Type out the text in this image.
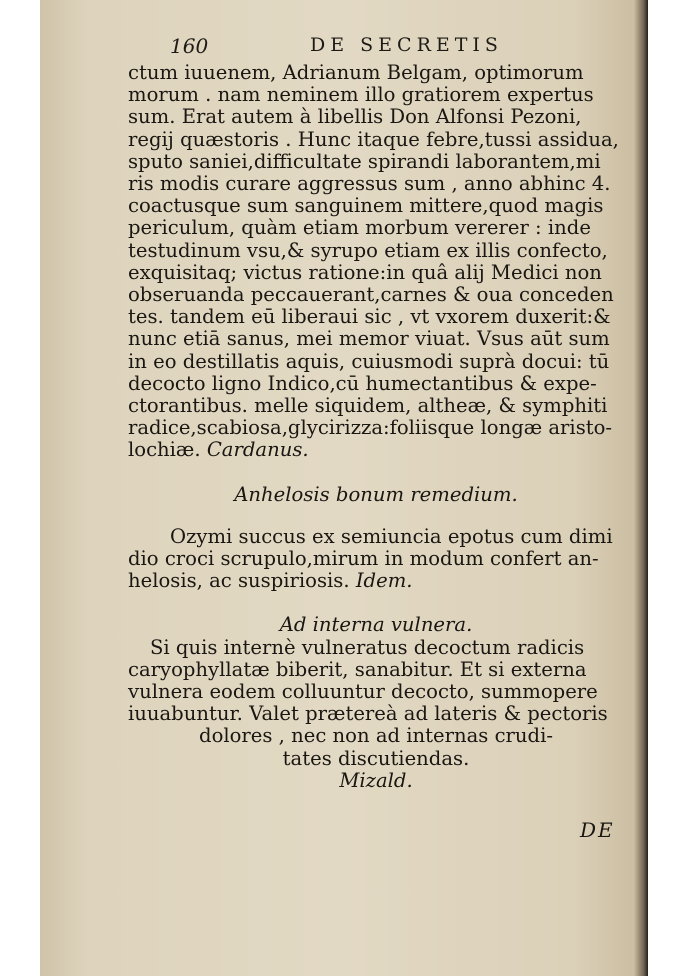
160	DE SECRETIS
ctum iuuenem, Adrianum Belgam, optimorum
morum . nam neminem illo gratiorem expertus
sum. Erat autem à libellis Don Alfonsi Pezoni,
regij quæstoris . Hunc itaque febre,tussi assidua,
sputo saniei,difficultate spirandi laborantem,mi
ris modis curare aggressus sum , anno abhinc 4.
coactusque sum sanguinem mittere,quod magis
periculum, quàm etiam morbum vererer : inde
testudinum vsu,& syrupo etiam ex illis confecto,
exquisitaq; victus ratione:in quâ alij Medici non
obseruanda peccauerant,carnes & oua conceden
tes. tandem eū liberaui sic , vt vxorem duxerit:&
nunc etiā sanus, mei memor viuat. Vsus aūt sum
in eo destillatis aquis, cuiusmodi suprà docui: tū
decocto ligno Indico,cū humectantibus & expe-
ctorantibus. melle siquidem, altheæ, & symphiti
radice,scabiosa,glycirizza:foliisque longæ aristo-
lochiæ. Cardanus.
Anhelosis bonum remedium.
Ozymi succus ex semiuncia epotus cum dimi
dio croci scrupulo,mirum in modum confert an-
helosis, ac suspiriosis. Idem.
Ad interna vulnera.
Si quis internè vulneratus decoctum radicis
caryophyllatæ biberit, sanabitur. Et si externa
vulnera eodem colluuntur decocto, summopere
iuuabuntur. Valet prætereà ad lateris & pectoris
dolores , nec non ad internas crudi-
tates discutiendas.
Mizald.
DE
